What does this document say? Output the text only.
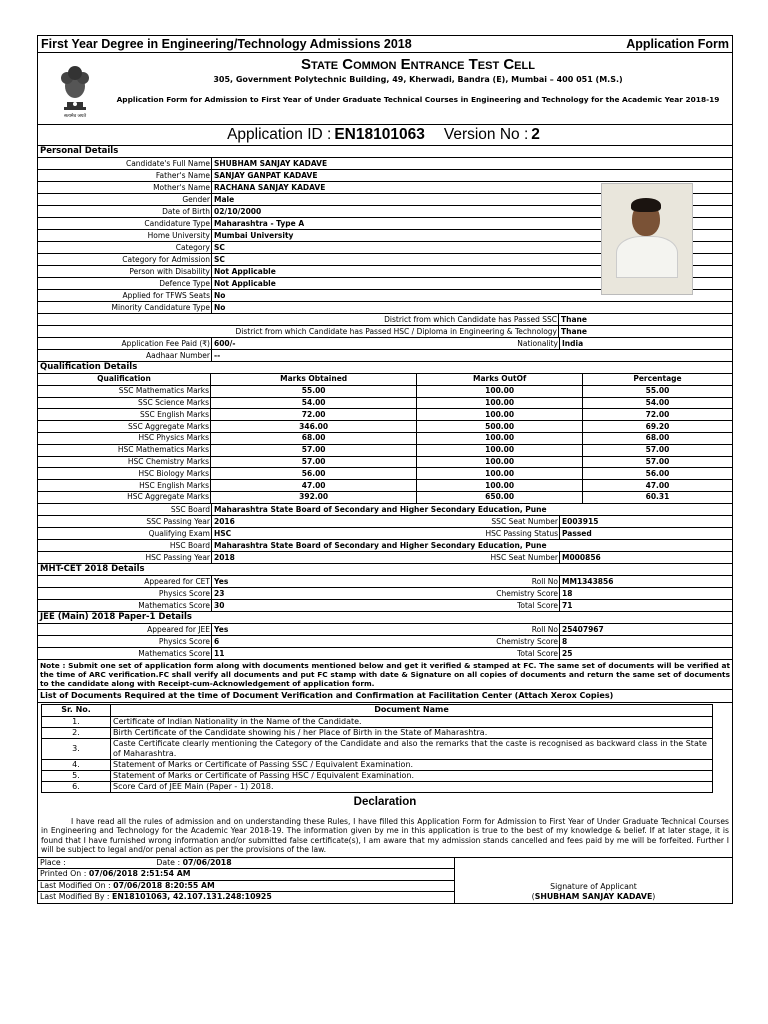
First Year Degree in Engineering/Technology Admissions 2018	Application Form
सत्यमेव जयते
State Common Entrance Test Cell
305, Government Polytechnic Building, 49, Kherwadi, Bandra (E), Mumbai – 400 051 (M.S.)
Application Form for Admission to First Year of Under Graduate Technical Courses in Engineering and Technology for the Academic Year 2018-19
Application ID : EN18101063 Version No : 2
Personal Details
Candidate's Full Name SHUBHAM SANJAY KADAVE
Father's Name SANJAY GANPAT KADAVE
Mother's Name RACHANA SANJAY KADAVE
Gender Male
Date of Birth 02/10/2000
Candidature Type Maharashtra - Type A
Home University Mumbai University
Category SC
Category for Admission SC
Person with Disability Not Applicable
Defence Type Not Applicable
Applied for TFWS Seats No
Minority Candidature Type No
District from which Candidate has Passed SSC Thane
District from which Candidate has Passed HSC / Diploma in Engineering & Technology Thane
Application Fee Paid (₹) 600/-	Nationality India
Aadhaar Number --
Qualification Details
Qualification	Marks Obtained	Marks OutOf	Percentage
SSC Mathematics Marks	55.00	100.00	55.00
SSC Science Marks	54.00	100.00	54.00
SSC English Marks	72.00	100.00	72.00
SSC Aggregate Marks	346.00	500.00	69.20
HSC Physics Marks	68.00	100.00	68.00
HSC Mathematics Marks	57.00	100.00	57.00
HSC Chemistry Marks	57.00	100.00	57.00
HSC Biology Marks	56.00	100.00	56.00
HSC English Marks	47.00	100.00	47.00
HSC Aggregate Marks	392.00	650.00	60.31
SSC Board Maharashtra State Board of Secondary and Higher Secondary Education, Pune
SSC Passing Year 2016	SSC Seat Number E003915
Qualifying Exam HSC	HSC Passing Status Passed
HSC Board Maharashtra State Board of Secondary and Higher Secondary Education, Pune
HSC Passing Year 2018	HSC Seat Number M000856
MHT-CET 2018 Details
Appeared for CET Yes	Roll No MM1343856
Physics Score 23	Chemistry Score 18
Mathematics Score 30	Total Score 71
JEE (Main) 2018 Paper-1 Details
Appeared for JEE Yes	Roll No 25407967
Physics Score 6	Chemistry Score 8
Mathematics Score 11	Total Score 25
Note : Submit one set of application form along with documents mentioned below and get it verified & stamped at FC. The same set of documents will be verified at the time of ARC verification.FC shall verify all documents and put FC stamp with date & Signature on all copies of documents and return the same set of documents to the candidate along with Receipt-cum-Acknowledgement of application form.
List of Documents Required at the time of Document Verification and Confirmation at Facilitation Center (Attach Xerox Copies)
Sr. No.	Document Name
1.	Certificate of Indian Nationality in the Name of the Candidate.
2.	Birth Certificate of the Candidate showing his / her Place of Birth in the State of Maharashtra.
3.	Caste Certificate clearly mentioning the Category of the Candidate and also the remarks that the caste is recognised as backward class in the State of Maharashtra.
4.	Statement of Marks or Certificate of Passing SSC / Equivalent Examination.
5.	Statement of Marks or Certificate of Passing HSC / Equivalent Examination.
6.	Score Card of JEE Main (Paper - 1) 2018.
Declaration
I have read all the rules of admission and on understanding these Rules, I have filled this Application Form for Admission to First Year of Under Graduate Technical Courses in Engineering and Technology for the Academic Year 2018-19. The information given by me in this application is true to the best of my knowledge & belief. If at later stage, it is found that I have furnished wrong information and/or submitted false certificate(s), I am aware that my admission stands cancelled and fees paid by me will be forfeited. Further I will be subject to legal and/or penal action as per the provisions of the law.
Place :	Date : 07/06/2018
Printed On : 07/06/2018 2:51:54 AM
Last Modified On : 07/06/2018 8:20:55 AM
Last Modified By : EN18101063, 42.107.131.248:10925
Signature of Applicant
(SHUBHAM SANJAY KADAVE)
